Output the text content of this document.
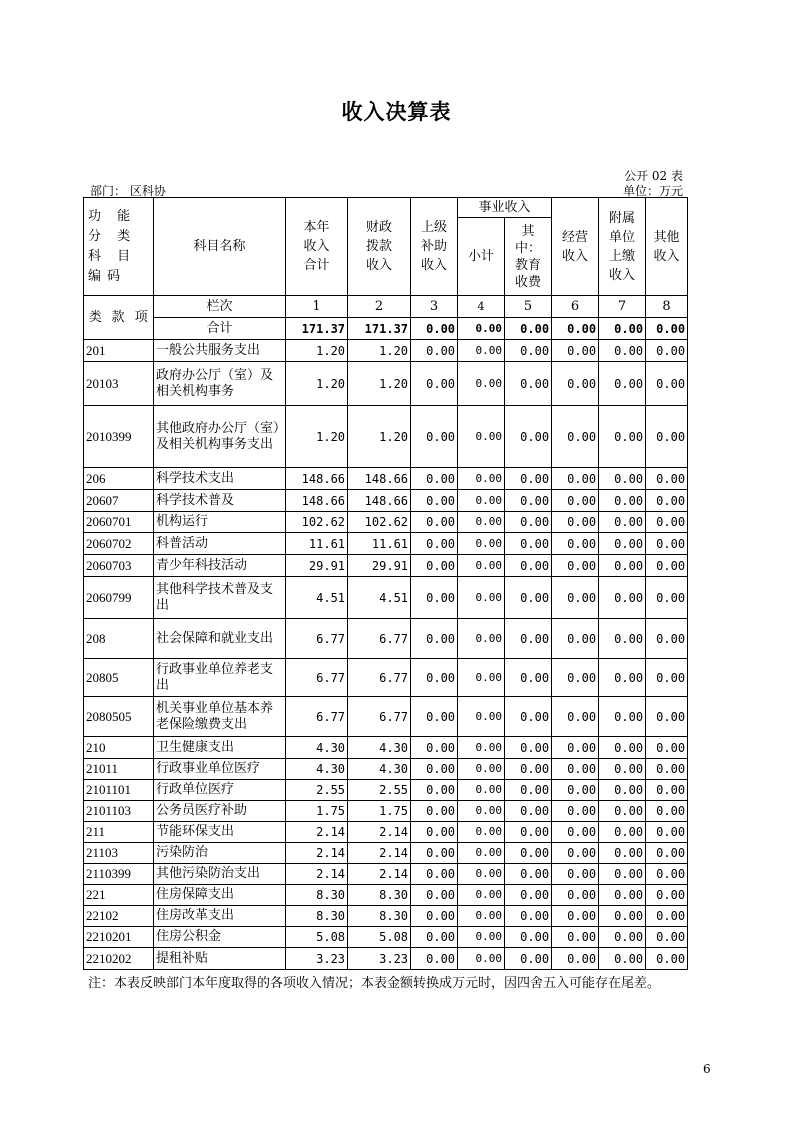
收入决算表
公开 02 表
部门： 区科协	单位：万元
功 能 分 类 科 目 编码			科目名称	本年收入合计	财政拨款收入	上级补助收入	事业收入		经营收入	附属单位上缴收入	其他收入
							小计	其中：教育收费			
类	款	项	栏次	1	2	3	4	5	6	7	8
			合计	171.37	171.37	0.00	0.00	0.00	0.00	0.00	0.00
201			一般公共服务支出	1.20	1.20	0.00	0.00	0.00	0.00	0.00	0.00
20103			政府办公厅（室）及相关机构事务	1.20	1.20	0.00	0.00	0.00	0.00	0.00	0.00
2010399			其他政府办公厅（室）及相关机构事务支出	1.20	1.20	0.00	0.00	0.00	0.00	0.00	0.00
206			科学技术支出	148.66	148.66	0.00	0.00	0.00	0.00	0.00	0.00
20607			科学技术普及	148.66	148.66	0.00	0.00	0.00	0.00	0.00	0.00
2060701			机构运行	102.62	102.62	0.00	0.00	0.00	0.00	0.00	0.00
2060702			科普活动	11.61	11.61	0.00	0.00	0.00	0.00	0.00	0.00
2060703			青少年科技活动	29.91	29.91	0.00	0.00	0.00	0.00	0.00	0.00
2060799			其他科学技术普及支出	4.51	4.51	0.00	0.00	0.00	0.00	0.00	0.00
208			社会保障和就业支出	6.77	6.77	0.00	0.00	0.00	0.00	0.00	0.00
20805			行政事业单位养老支出	6.77	6.77	0.00	0.00	0.00	0.00	0.00	0.00
2080505			机关事业单位基本养老保险缴费支出	6.77	6.77	0.00	0.00	0.00	0.00	0.00	0.00
210			卫生健康支出	4.30	4.30	0.00	0.00	0.00	0.00	0.00	0.00
21011			行政事业单位医疗	4.30	4.30	0.00	0.00	0.00	0.00	0.00	0.00
2101101			行政单位医疗	2.55	2.55	0.00	0.00	0.00	0.00	0.00	0.00
2101103			公务员医疗补助	1.75	1.75	0.00	0.00	0.00	0.00	0.00	0.00
211			节能环保支出	2.14	2.14	0.00	0.00	0.00	0.00	0.00	0.00
21103			污染防治	2.14	2.14	0.00	0.00	0.00	0.00	0.00	0.00
2110399			其他污染防治支出	2.14	2.14	0.00	0.00	0.00	0.00	0.00	0.00
221			住房保障支出	8.30	8.30	0.00	0.00	0.00	0.00	0.00	0.00
22102			住房改革支出	8.30	8.30	0.00	0.00	0.00	0.00	0.00	0.00
2210201			住房公积金	5.08	5.08	0.00	0.00	0.00	0.00	0.00	0.00
2210202			提租补贴	3.23	3.23	0.00	0.00	0.00	0.00	0.00	0.00
注：本表反映部门本年度取得的各项收入情况；本表金额转换成万元时，因四舍五入可能存在尾差。
6
